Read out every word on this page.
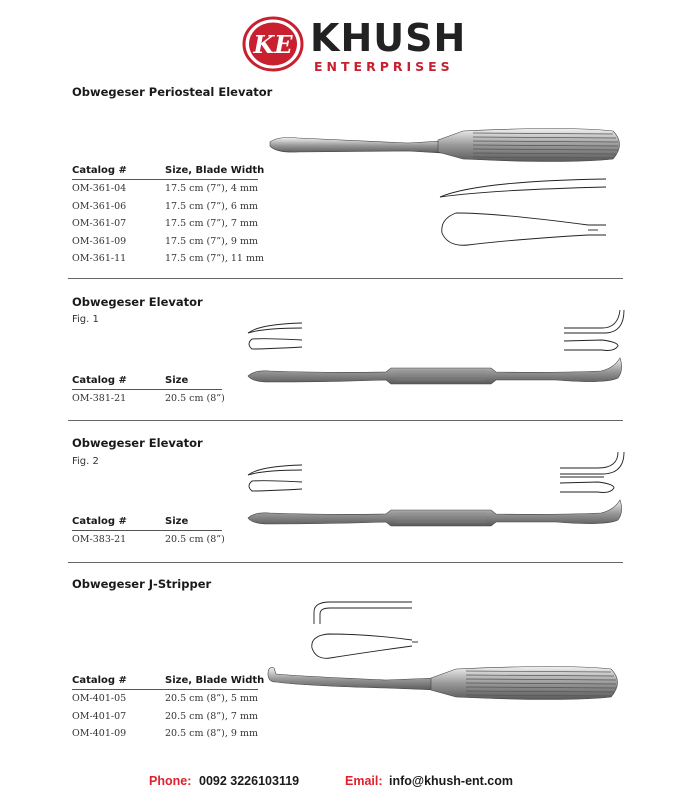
KE KHUSH
ENTERPRISES
Obwegeser Periosteal Elevator
Catalog #	Size, Blade Width
OM-361-04	17.5 cm (7”), 4 mm
OM-361-06	17.5 cm (7”), 6 mm
OM-361-07	17.5 cm (7”), 7 mm
OM-361-09	17.5 cm (7”), 9 mm
OM-361-11	17.5 cm (7”), 11 mm
Obwegeser Elevator
Fig. 1
Catalog #	Size
OM-381-21	20.5 cm (8”)
Obwegeser Elevator
Fig. 2
Catalog #	Size
OM-383-21	20.5 cm (8”)
Obwegeser J-Stripper
Catalog #	Size, Blade Width
OM-401-05	20.5 cm (8”), 5 mm
OM-401-07	20.5 cm (8”), 7 mm
OM-401-09	20.5 cm (8”), 9 mm
Phone: 0092 3226103119	Email: info@khush-ent.com
